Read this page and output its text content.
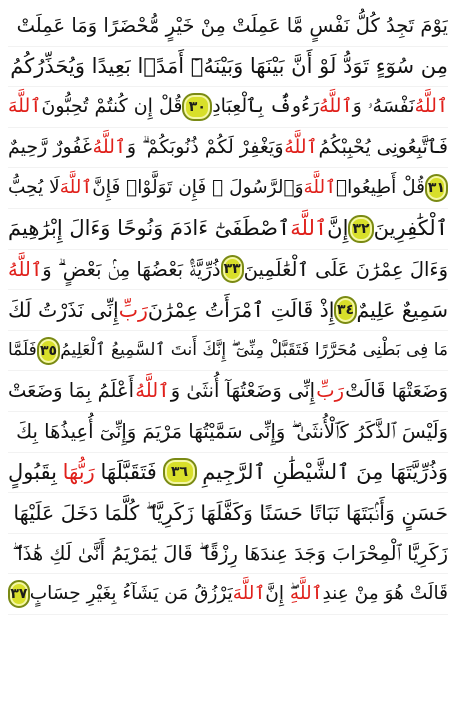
يَوْمَ تَجِدُ كُلُّ نَفْسٍ مَّا عَمِلَتْ مِنْ خَيْرٍ مُّحْضَرًا وَمَا عَمِلَتْ
مِن سُوٓءٍ تَوَدُّ لَوْ أَنَّ بَيْنَهَا وَبَيْنَهُۥٓ أَمَدًۢا بَعِيدًا وَيُحَذِّرُكُمُ
ٱللَّهُ
نَفْسَهُۥ وَ
ٱللَّهُ
رَءُوفٌۢ بِٱلْعِبَادِ
٣٠
قُلْ إِن كُنتُمْ تُحِبُّونَ
ٱللَّهَ
فَٱتَّبِعُونِى يُحْبِبْكُمُ
ٱللَّهُ
وَيَغْفِرْ لَكُمْ ذُنُوبَكُمْ ۗ وَ
ٱللَّهُ
غَفُورٌ رَّحِيمٌ
٣١
قُلْ أَطِيعُوا۟
ٱللَّهَ
وَٱلرَّسُولَ ۖ فَإِن تَوَلَّوْا۟ فَإِنَّ
ٱللَّهَ
لَا يُحِبُّ
ٱلْكَٰفِرِينَ
٣٢
إِنَّ
ٱللَّهَ
ٱصْطَفَىٰٓ ءَادَمَ وَنُوحًا وَءَالَ إِبْرَٰهِيمَ
وَءَالَ عِمْرَٰنَ عَلَى ٱلْعَٰلَمِينَ
٣٣
ذُرِّيَّةًۢ بَعْضُهَا مِنۢ بَعْضٍ ۗ وَ
ٱللَّهُ
سَمِيعٌ عَلِيمٌ
٣٤
إِذْ قَالَتِ ٱمْرَأَتُ عِمْرَٰنَ
رَبِّ
إِنِّى نَذَرْتُ لَكَ
مَا فِى بَطْنِى مُحَرَّرًا فَتَقَبَّلْ مِنِّىٓ ۖ إِنَّكَ أَنتَ ٱلسَّمِيعُ ٱلْعَلِيمُ
٣٥
فَلَمَّا
وَضَعَتْهَا قَالَتْ
رَبِّ
إِنِّى وَضَعْتُهَآ أُنثَىٰ وَ
ٱللَّهُ
أَعْلَمُ بِمَا وَضَعَتْ
وَلَيْسَ ٱلذَّكَرُ كَٱلْأُنثَىٰ ۖ وَإِنِّى سَمَّيْتُهَا مَرْيَمَ وَإِنِّىٓ أُعِيذُهَا بِكَ
وَذُرِّيَّتَهَا مِنَ ٱلشَّيْطَٰنِ ٱلرَّجِيمِ
٣٦
فَتَقَبَّلَهَا
رَبُّهَا
بِقَبُولٍ
حَسَنٍ وَأَنۢبَتَهَا نَبَاتًا حَسَنًا وَكَفَّلَهَا زَكَرِيَّا ۖ كُلَّمَا دَخَلَ عَلَيْهَا
زَكَرِيَّا ٱلْمِحْرَابَ وَجَدَ عِندَهَا رِزْقًا ۖ قَالَ يَٰمَرْيَمُ أَنَّىٰ لَكِ هَٰذَا ۖ
قَالَتْ هُوَ مِنْ عِندِ
ٱللَّهِ
ۖ إِنَّ
ٱللَّهَ
يَرْزُقُ مَن يَشَآءُ بِغَيْرِ حِسَابٍ
٣٧
